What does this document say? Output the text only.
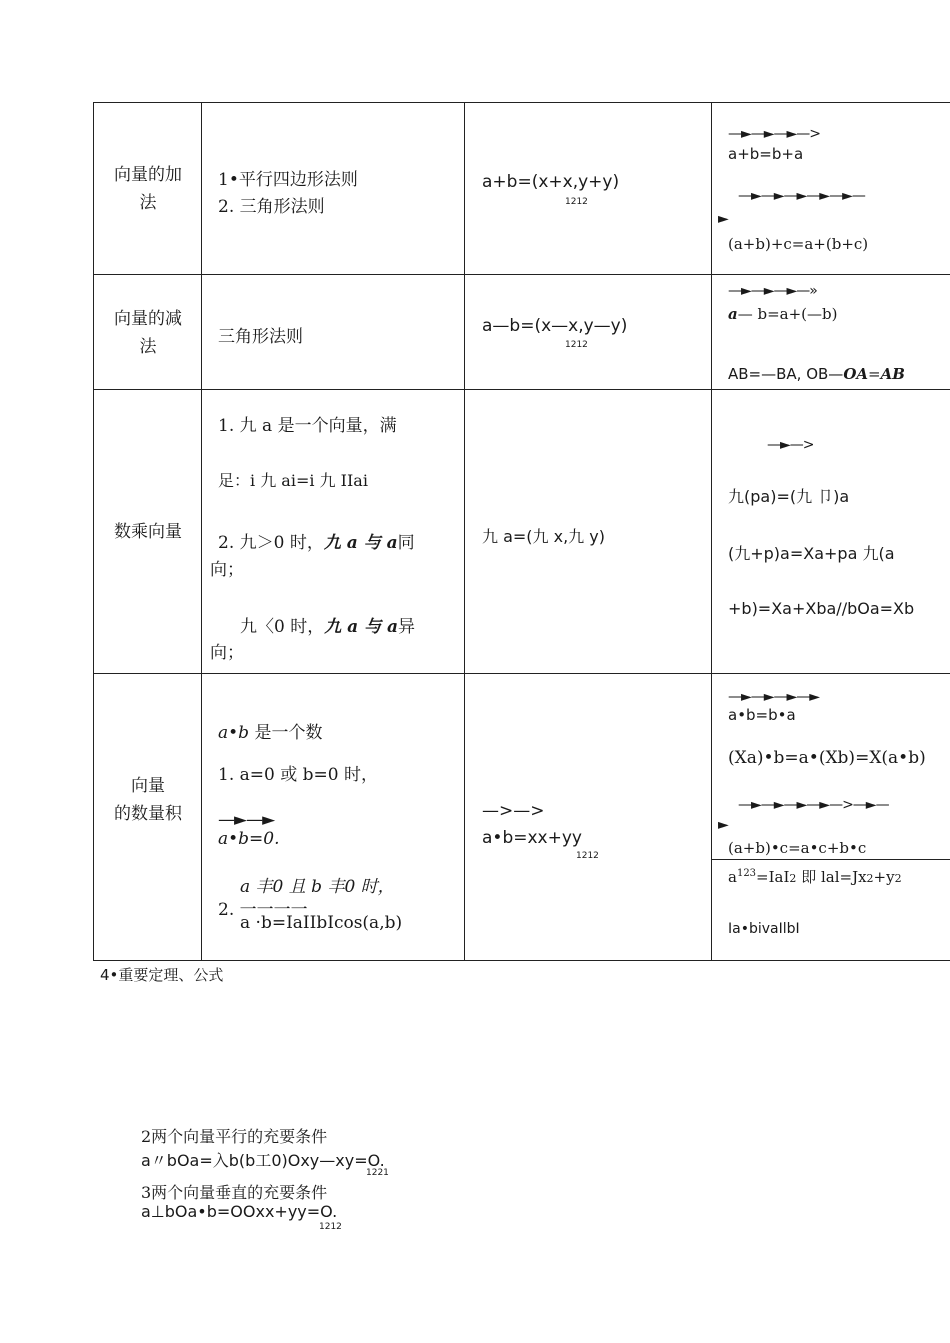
向量的加
法
1•平行四边形法则
2. 三角形法则
a+b=(x+x,y+y)
1212
—►—►—►—>
a+b=b+a
—►—►—►—►—►—
►
(a+b)+c=a+(b+c)
向量的减
法	三角形法则
a—b=(x—x,y—y)
1212
—►—►—►—»
a— b=a+(—b)
AB=—BA, OB—OA=AB
数乘向量
1. 九 a 是一个向量，满
足：i 九 ai=i 九 IIai
2. 九＞0 时，九 a 与 a同
向；
九〈0 时，九 a 与 a异
向；
九 a=(九 x,九 y)
—►—>
九(pa)=(九 卩)a
(九+p)a=Xa+pa 九(a
+b)=Xa+Xba//bOa=Xb
向量
的数量积
a•b 是一个数
1. a=0 或 b=0 时，
—►—►
a•b=0.
a 丰0 且 b 丰0 时，
2. 一一一一
a ·b=IaIIbIcos(a,b)
—>—>
a•b=xx+yy
1212
—►—►—►—►
a•b=b•a
(Xa)•b=a•(Xb)=X(a•b)
—►—►—►—►—>—►—
►
(a+b)•c=a•c+b•c
$a^{123}=IaI2$ 即 lal=Jx2+y2
Ia•bivaIlbI
4•重要定理、公式
2两个向量平行的充要条件
a〃bOa=入b(b工0)Oxy—xy=O.
1221
3两个向量垂直的充要条件
a⊥bOa•b=OOxx+yy=O.
1212
